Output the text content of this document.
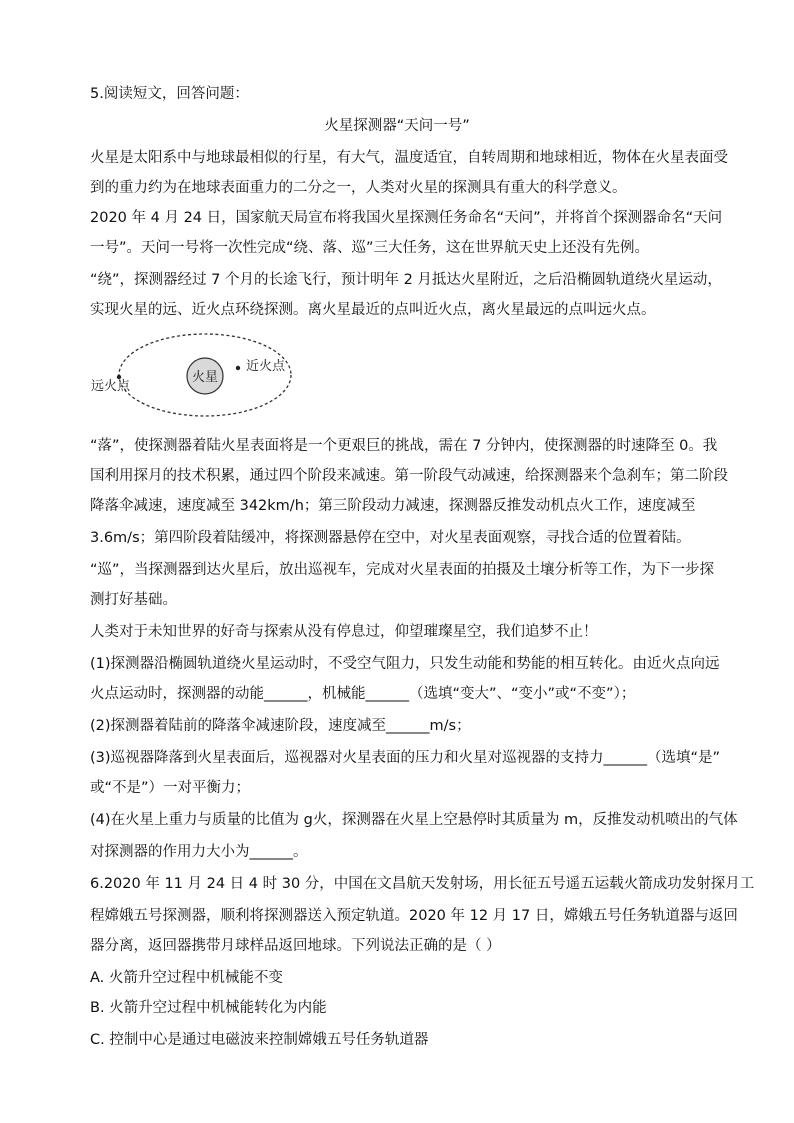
5.阅读短文，回答问题：
火星探测器“天问一号”
火星是太阳系中与地球最相似的行星，有大气，温度适宜，自转周期和地球相近，物体在火星表面受
到的重力约为在地球表面重力的二分之一，人类对火星的探测具有重大的科学意义。
2020 年 4 月 24 日，国家航天局宣布将我国火星探测任务命名“天问”，并将首个探测器命名“天问
一号”。天问一号将一次性完成“绕、落、巡”三大任务，这在世界航天史上还没有先例。
“绕”，探测器经过 7 个月的长途飞行，预计明年 2 月抵达火星附近，之后沿椭圆轨道绕火星运动，
实现火星的远、近火点环绕探测。离火星最近的点叫近火点，离火星最远的点叫远火点。
火星
近火点
远火点
“落”，使探测器着陆火星表面将是一个更艰巨的挑战，需在 7 分钟内，使探测器的时速降至 0。我
国利用探月的技术积累，通过四个阶段来减速。第一阶段气动减速，给探测器来个急刹车；第二阶段
降落伞减速，速度减至 342km/h；第三阶段动力减速，探测器反推发动机点火工作，速度减至
3.6m/s；第四阶段着陆缓冲，将探测器悬停在空中，对火星表面观察，寻找合适的位置着陆。
“巡”，当探测器到达火星后，放出巡视车，完成对火星表面的拍摄及土壤分析等工作，为下一步探
测打好基础。
人类对于未知世界的好奇与探索从没有停息过，仰望璀璨星空，我们追梦不止！
(1)探测器沿椭圆轨道绕火星运动时，不受空气阻力，只发生动能和势能的相互转化。由近火点向远
火点运动时，探测器的动能______，机械能______（选填“变大”、“变小”或“不变”）；
(2)探测器着陆前的降落伞减速阶段，速度减至______m/s；
(3)巡视器降落到火星表面后，巡视器对火星表面的压力和火星对巡视器的支持力______（选填“是”
或“不是”）一对平衡力；
(4)在火星上重力与质量的比值为 g火，探测器在火星上空悬停时其质量为 m，反推发动机喷出的气体
对探测器的作用力大小为______。
6.2020 年 11 月 24 日 4 时 30 分，中国在文昌航天发射场，用长征五号遥五运载火箭成功发射探月工
程嫦娥五号探测器，顺利将探测器送入预定轨道。2020 年 12 月 17 日，嫦娥五号任务轨道器与返回
器分离，返回器携带月球样品返回地球。下列说法正确的是（ ）
A. 火箭升空过程中机械能不变
B. 火箭升空过程中机械能转化为内能
C. 控制中心是通过电磁波来控制嫦娥五号任务轨道器
